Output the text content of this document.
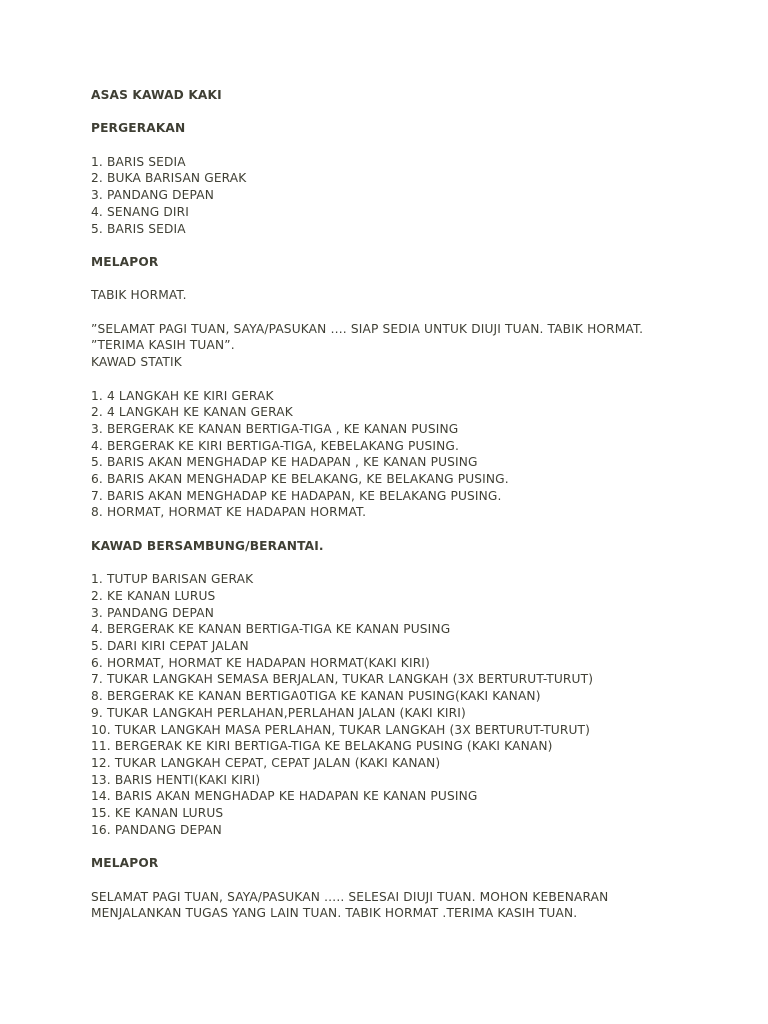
ASAS KAWAD KAKI
PERGERAKAN
1. BARIS SEDIA
2. BUKA BARISAN GERAK
3. PANDANG DEPAN
4. SENANG DIRI
5. BARIS SEDIA
MELAPOR
TABIK HORMAT.
”SELAMAT PAGI TUAN, SAYA/PASUKAN …. SIAP SEDIA UNTUK DIUJI TUAN. TABIK HORMAT.
”TERIMA KASIH TUAN”.
KAWAD STATIK
1. 4 LANGKAH KE KIRI GERAK
2. 4 LANGKAH KE KANAN GERAK
3. BERGERAK KE KANAN BERTIGA-TIGA , KE KANAN PUSING
4. BERGERAK KE KIRI BERTIGA-TIGA, KEBELAKANG PUSING.
5. BARIS AKAN MENGHADAP KE HADAPAN , KE KANAN PUSING
6. BARIS AKAN MENGHADAP KE BELAKANG, KE BELAKANG PUSING.
7. BARIS AKAN MENGHADAP KE HADAPAN, KE BELAKANG PUSING.
8. HORMAT, HORMAT KE HADAPAN HORMAT.
KAWAD BERSAMBUNG/BERANTAI.
1. TUTUP BARISAN GERAK
2. KE KANAN LURUS
3. PANDANG DEPAN
4. BERGERAK KE KANAN BERTIGA-TIGA KE KANAN PUSING
5. DARI KIRI CEPAT JALAN
6. HORMAT, HORMAT KE HADAPAN HORMAT(KAKI KIRI)
7. TUKAR LANGKAH SEMASA BERJALAN, TUKAR LANGKAH (3X BERTURUT-TURUT)
8. BERGERAK KE KANAN BERTIGA0TIGA KE KANAN PUSING(KAKI KANAN)
9. TUKAR LANGKAH PERLAHAN,PERLAHAN JALAN (KAKI KIRI)
10. TUKAR LANGKAH MASA PERLAHAN, TUKAR LANGKAH (3X BERTURUT-TURUT)
11. BERGERAK KE KIRI BERTIGA-TIGA KE BELAKANG PUSING (KAKI KANAN)
12. TUKAR LANGKAH CEPAT, CEPAT JALAN (KAKI KANAN)
13. BARIS HENTI(KAKI KIRI)
14. BARIS AKAN MENGHADAP KE HADAPAN KE KANAN PUSING
15. KE KANAN LURUS
16. PANDANG DEPAN
MELAPOR
SELAMAT PAGI TUAN, SAYA/PASUKAN ….. SELESAI DIUJI TUAN. MOHON KEBENARAN
MENJALANKAN TUGAS YANG LAIN TUAN. TABIK HORMAT .TERIMA KASIH TUAN.
